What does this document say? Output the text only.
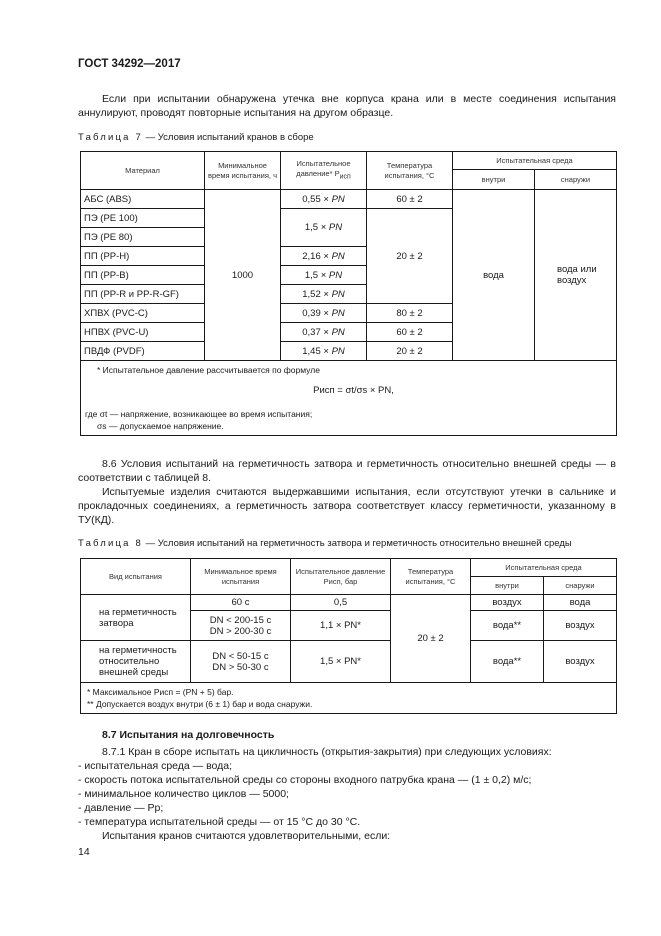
ГОСТ 34292—2017
Если при испытании обнаружена утечка вне корпуса крана или в месте соединения испытания аннулируют, проводят повторные испытания на другом образце.
Таблица 7 — Условия испытаний кранов в сборе
Материал	Минимальное время испытания, ч	Испытательное давление* $P_{исп}$	Температура испытания, °С	Испытательная среда	
				внутри	снаружи
АБС (ABS)	1000	0,55 × PN	60 ± 2	вода	вода или воздух
ПЭ (PE 100)		1,5 × PN	20 ± 2		
ПЭ (PE 80)					
ПП (PP-H)		2,16 × PN			
ПП (PP-B)		1,5 × PN			
ПП (PP-R и PP-R-GF)		1,52 × PN			
ХПВХ (PVC-C)		0,39 × PN	80 ± 2		
НПВХ (PVC-U)		0,37 × PN	60 ± 2		
ПВДФ (PVDF)		1,45 × PN	20 ± 2		

* Испытательное давление рассчитывается по формуле
Pисп = σt/σs × PN,
где σt — напряжение, возникающее во время испытания;
σs — допускаемое напряжение.					
8.6 Условия испытаний на герметичность затвора и герметичность относительно внешней среды — в соответствии с таблицей 8.
Испытуемые изделия считаются выдержавшими испытания, если отсутствуют утечки в сальнике и прокладочных соединениях, а герметичность затвора соответствует классу герметичности, указанному в ТУ(КД).
Таблица 8 — Условия испытаний на герметичность затвора и герметичность относительно внешней среды
Вид испытания	Минимальное время испытания	Испытательное давление Pисп, бар	Температура испытания, °С	Испытательная среда	
				внутри	снаружи
на герметичность затвора	60 с	0,5	20 ± 2	воздух	вода

	DN < 200-15 с
DN > 200-30 с	1,1 × PN*		вода**	воздух
на герметичность относительно внешней среды	DN < 50-15 с
DN > 50-30 с	1,5 × PN*		вода**	воздух

* Максимальное Pисп = (PN + 5) бар.
** Допускается воздух внутри (6 ± 1) бар и вода снаружи.					
8.7 Испытания на долговечность
8.7.1 Кран в сборе испытать на цикличность (открытия-закрытия) при следующих условиях:
- испытательная среда — вода;
- скорость потока испытательной среды со стороны входного патрубка крана — (1 ± 0,2) м/с;
- минимальное количество циклов — 5000;
- давление — Pр;
- температура испытательной среды — от 15 °С до 30 °С.
Испытания кранов считаются удовлетворительными, если:
14
